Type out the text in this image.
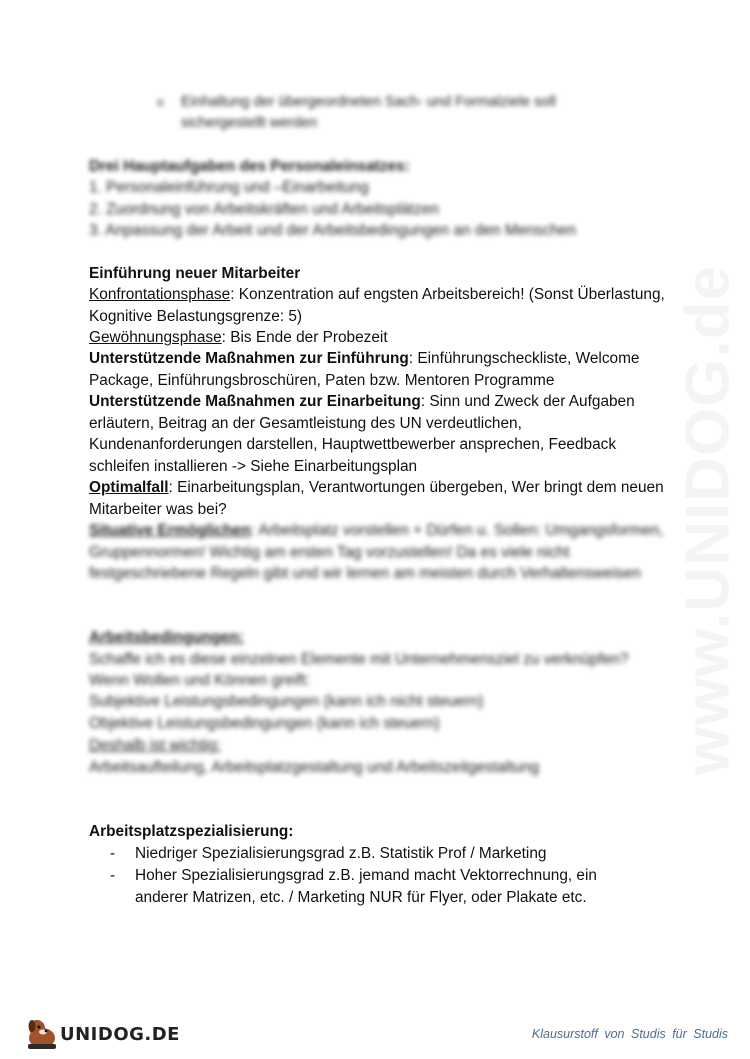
o Einhaltung der übergeordneten Sach- und Formalziele soll sichergestellt werden
Drei Hauptaufgaben des Personaleinsatzes:
1. Personaleinführung und –Einarbeitung
2. Zuordnung von Arbeitskräften und Arbeitsplätzen
3. Anpassung der Arbeit und der Arbeitsbedingungen an den Menschen
Einführung neuer Mitarbeiter
Konfrontationsphase: Konzentration auf engsten Arbeitsbereich! (Sonst Überlastung, Kognitive Belastungsgrenze: 5)
Gewöhnungsphase: Bis Ende der Probezeit
Unterstützende Maßnahmen zur Einführung: Einführungscheckliste, Welcome Package, Einführungsbroschüren, Paten bzw. Mentoren Programme
Unterstützende Maßnahmen zur Einarbeitung: Sinn und Zweck der Aufgaben erläutern, Beitrag an der Gesamtleistung des UN verdeutlichen, Kundenanforderungen darstellen, Hauptwettbewerber ansprechen, Feedback schleifen installieren -> Siehe Einarbeitungsplan
Optimalfall: Einarbeitungsplan, Verantwortungen übergeben, Wer bringt dem neuen Mitarbeiter was bei?
Situative Ermöglichen: Arbeitsplatz vorstellen + Dürfen u. Sollen: Umgangsformen, Gruppennormen! Wichtig am ersten Tag vorzustellen! Da es viele nicht festgeschriebene Regeln gibt und wir lernen am meisten durch Verhaltensweisen
Arbeitsbedingungen:
Schaffe ich es diese einzelnen Elemente mit Unternehmensziel zu verknüpfen?
Wenn Wollen und Können greift:
Subjektive Leistungsbedingungen (kann ich nicht steuern)
Objektive Leistungsbedingungen (kann ich steuern)
Deshalb ist wichtig:
Arbeitsaufteilung, Arbeitsplatzgestaltung und Arbeitszeitgestaltung
Arbeitsplatzspezialisierung:
- Niedriger Spezialisierungsgrad z.B. Statistik Prof / Marketing
- Hoher Spezialisierungsgrad z.B. jemand macht Vektorrechnung, ein anderer Matrizen, etc. / Marketing NUR für Flyer, oder Plakate etc.
UNIDOG.DE	Klausurstoff von Studis für Studis
